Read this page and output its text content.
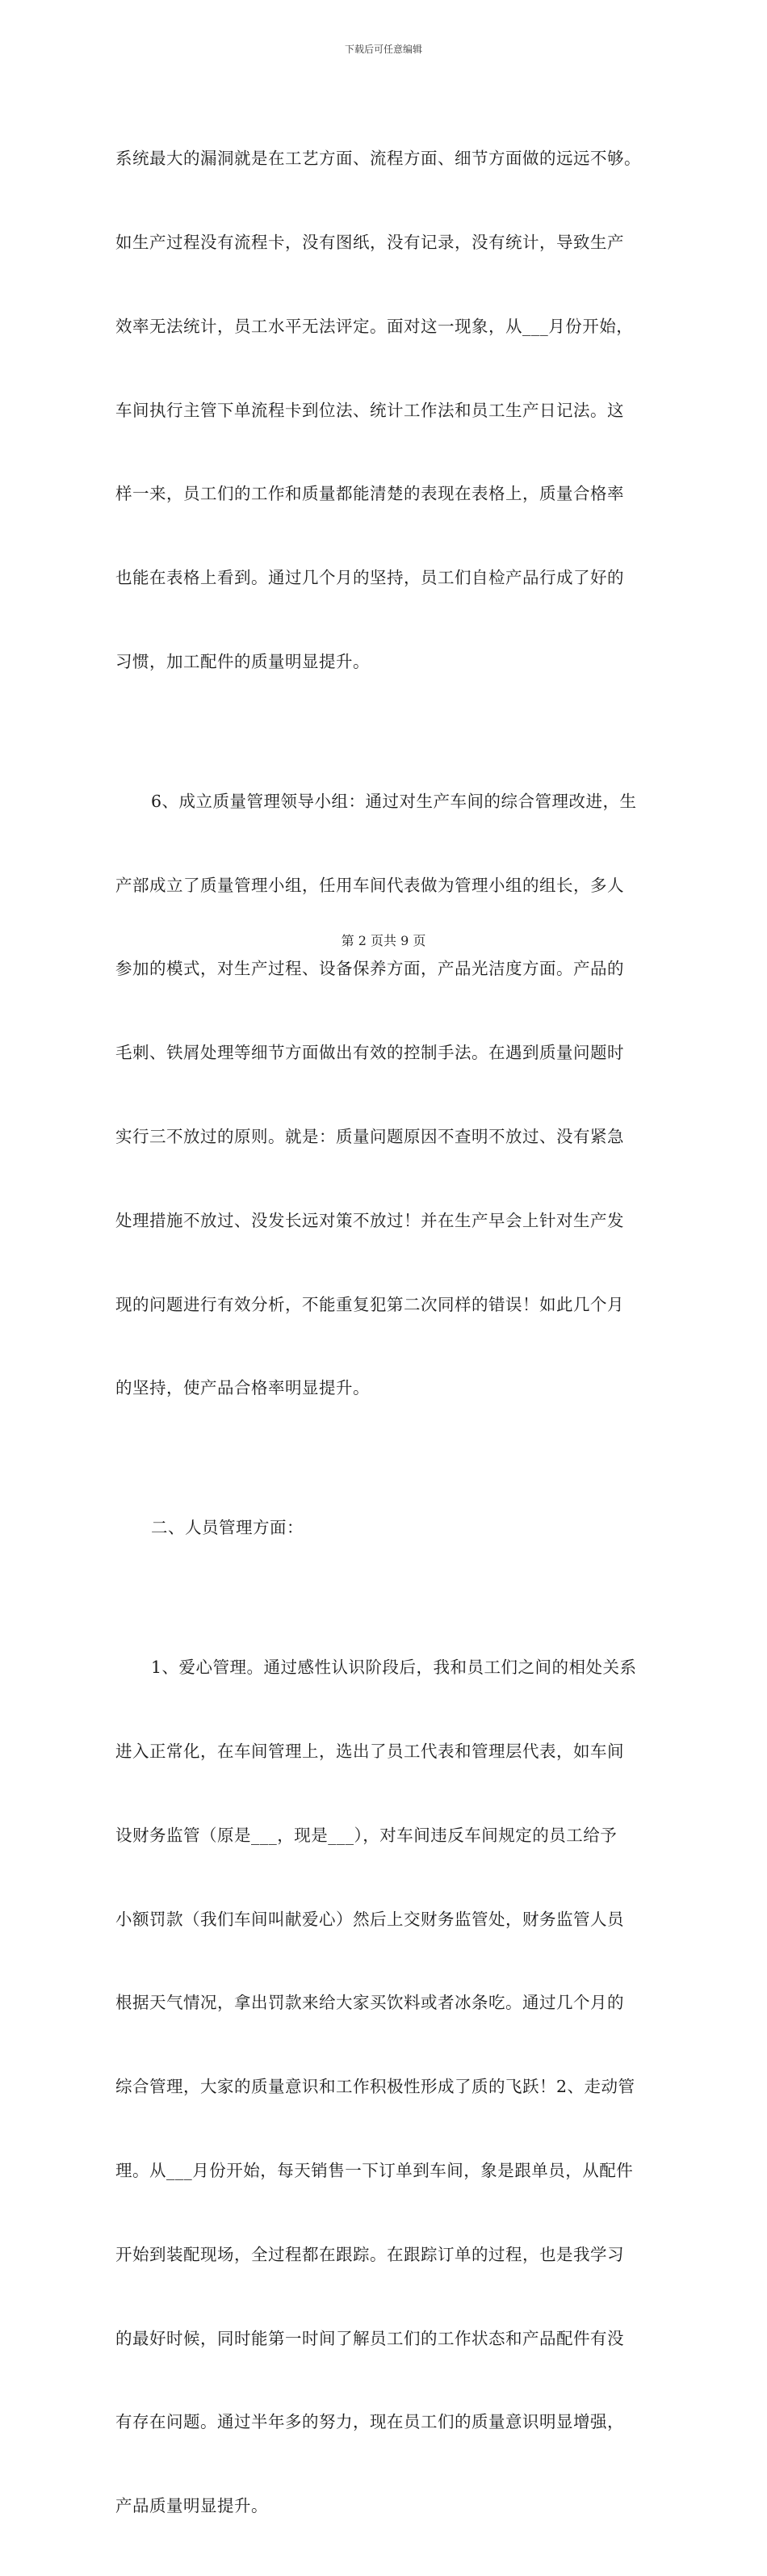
下载后可任意编辑

系统最大的漏洞就是在工艺方面、流程方面、细节方面做的远远不够。

如生产过程没有流程卡，没有图纸，没有记录，没有统计，导致生产

效率无法统计，员工水平无法评定。面对这一现象，从___月份开始，

车间执行主管下单流程卡到位法、统计工作法和员工生产日记法。这

样一来，员工们的工作和质量都能清楚的表现在表格上，质量合格率

也能在表格上看到。通过几个月的坚持，员工们自检产品行成了好的

习惯，加工配件的质量明显提升。

6、成立质量管理领导小组：通过对生产车间的综合管理改进，生

产部成立了质量管理小组，任用车间代表做为管理小组的组长，多人

参加的模式，对生产过程、设备保养方面，产品光洁度方面。产品的

毛刺、铁屑处理等细节方面做出有效的控制手法。在遇到质量问题时

实行三不放过的原则。就是：质量问题原因不查明不放过、没有紧急

处理措施不放过、没发长远对策不放过！并在生产早会上针对生产发

现的问题进行有效分析，不能重复犯第二次同样的错误！如此几个月

的坚持，使产品合格率明显提升。

二、人员管理方面：

1、爱心管理。通过感性认识阶段后，我和员工们之间的相处关系

进入正常化，在车间管理上，选出了员工代表和管理层代表，如车间

设财务监管（原是___，现是___），对车间违反车间规定的员工给予

小额罚款（我们车间叫献爱心）然后上交财务监管处，财务监管人员

根据天气情况，拿出罚款来给大家买饮料或者冰条吃。通过几个月的

综合管理，大家的质量意识和工作积极性形成了质的飞跃！2、走动管

理。从___月份开始，每天销售一下订单到车间，象是跟单员，从配件

开始到装配现场，全过程都在跟踪。在跟踪订单的过程，也是我学习

的最好时候，同时能第一时间了解员工们的工作状态和产品配件有没

有存在问题。通过半年多的努力，现在员工们的质量意识明显增强，

产品质量明显提升。

第 2 页共 9 页
